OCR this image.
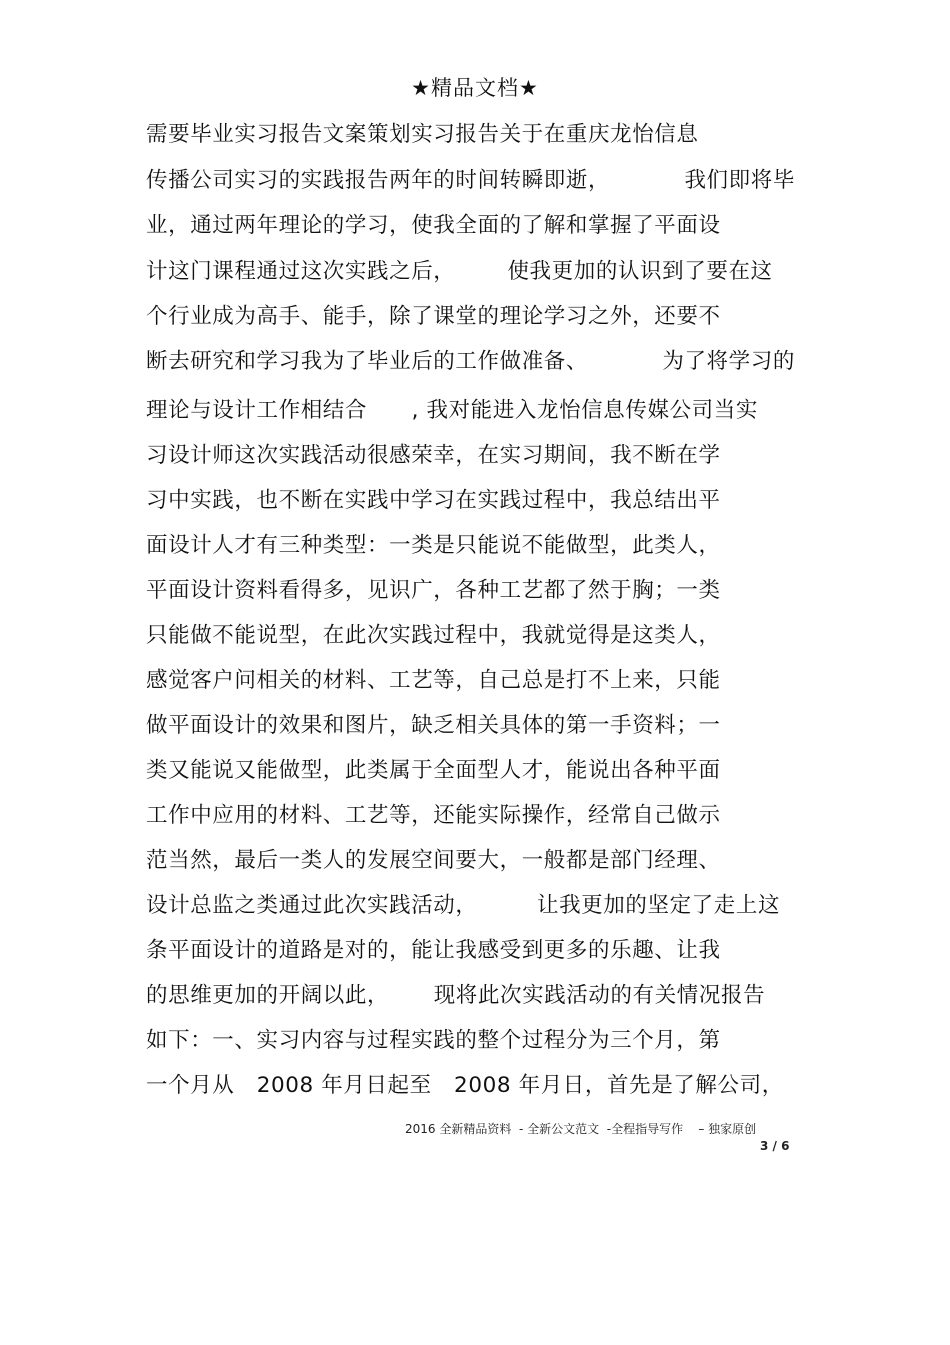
★精品文档★
需要毕业实习报告文案策划实习报告关于在重庆龙怡信息
传播公司实习的实践报告两年的时间转瞬即逝，          我们即将毕
业，通过两年理论的学习，使我全面的了解和掌握了平面设
计这门课程通过这次实践之后，       使我更加的认识到了要在这
个行业成为高手、能手，除了课堂的理论学习之外，还要不
断去研究和学习我为了毕业后的工作做准备、          为了将学习的
理论与设计工作相结合      , 我对能进入龙怡信息传媒公司当实
习设计师这次实践活动很感荣幸，在实习期间，我不断在学
习中实践，也不断在实践中学习在实践过程中，我总结出平
面设计人才有三种类型：一类是只能说不能做型，此类人，
平面设计资料看得多，见识广，各种工艺都了然于胸；一类
只能做不能说型，在此次实践过程中，我就觉得是这类人，
感觉客户问相关的材料、工艺等，自己总是打不上来，只能
做平面设计的效果和图片，缺乏相关具体的第一手资料；一
类又能说又能做型，此类属于全面型人才，能说出各种平面
工作中应用的材料、工艺等，还能实际操作，经常自己做示
范当然，最后一类人的发展空间要大，一般都是部门经理、
设计总监之类通过此次实践活动，        让我更加的坚定了走上这
条平面设计的道路是对的，能让我感受到更多的乐趣、让我
的思维更加的开阔以此，      现将此次实践活动的有关情况报告
如下：一、实习内容与过程实践的整个过程分为三个月，第
一个月从   2008 年月日起至   2008 年月日，首先是了解公司，
2016 全新精品资料  - 全新公文范文  -全程指导写作    – 独家原创
3 / 6
